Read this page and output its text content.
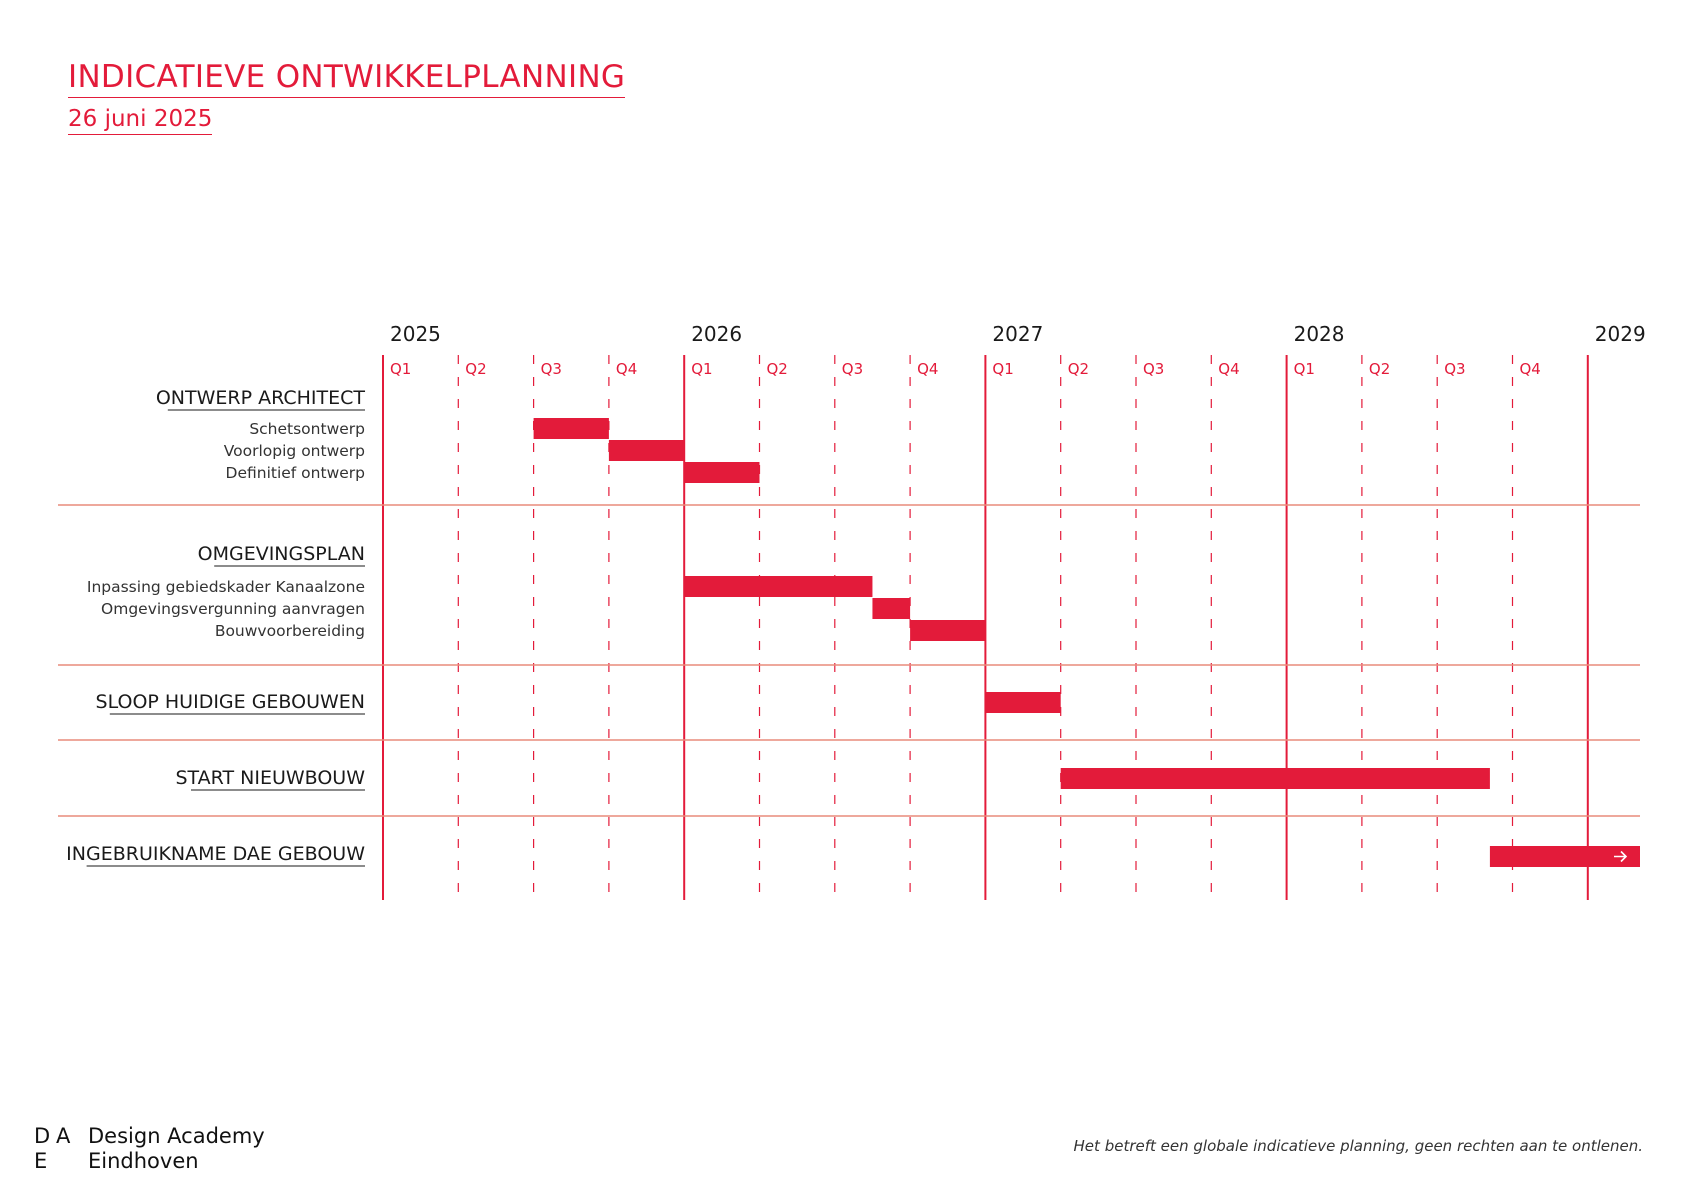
INDICATIEVE ONTWIKKELPLANNING
26 juni 2025
2025	2026	2027	2028	2029
Q1	Q2	Q3	Q4	Q1	Q2	Q3	Q4	Q1	Q2	Q3	Q4	Q1	Q2	Q3	Q4
ONTWERP ARCHITECT
OMGEVINGSPLAN
SLOOP HUIDIGE GEBOUWEN
START NIEUWBOUW
INGEBRUIKNAME DAE GEBOUW
Schetsontwerp
Voorlopig ontwerp
Definitief ontwerp
Inpassing gebiedskader Kanaalzone
Omgevingsvergunning aanvragen
Bouwvoorbereiding
D A
E
Design Academy
Eindhoven
Het betreft een globale indicatieve planning, geen rechten aan te ontlenen.
